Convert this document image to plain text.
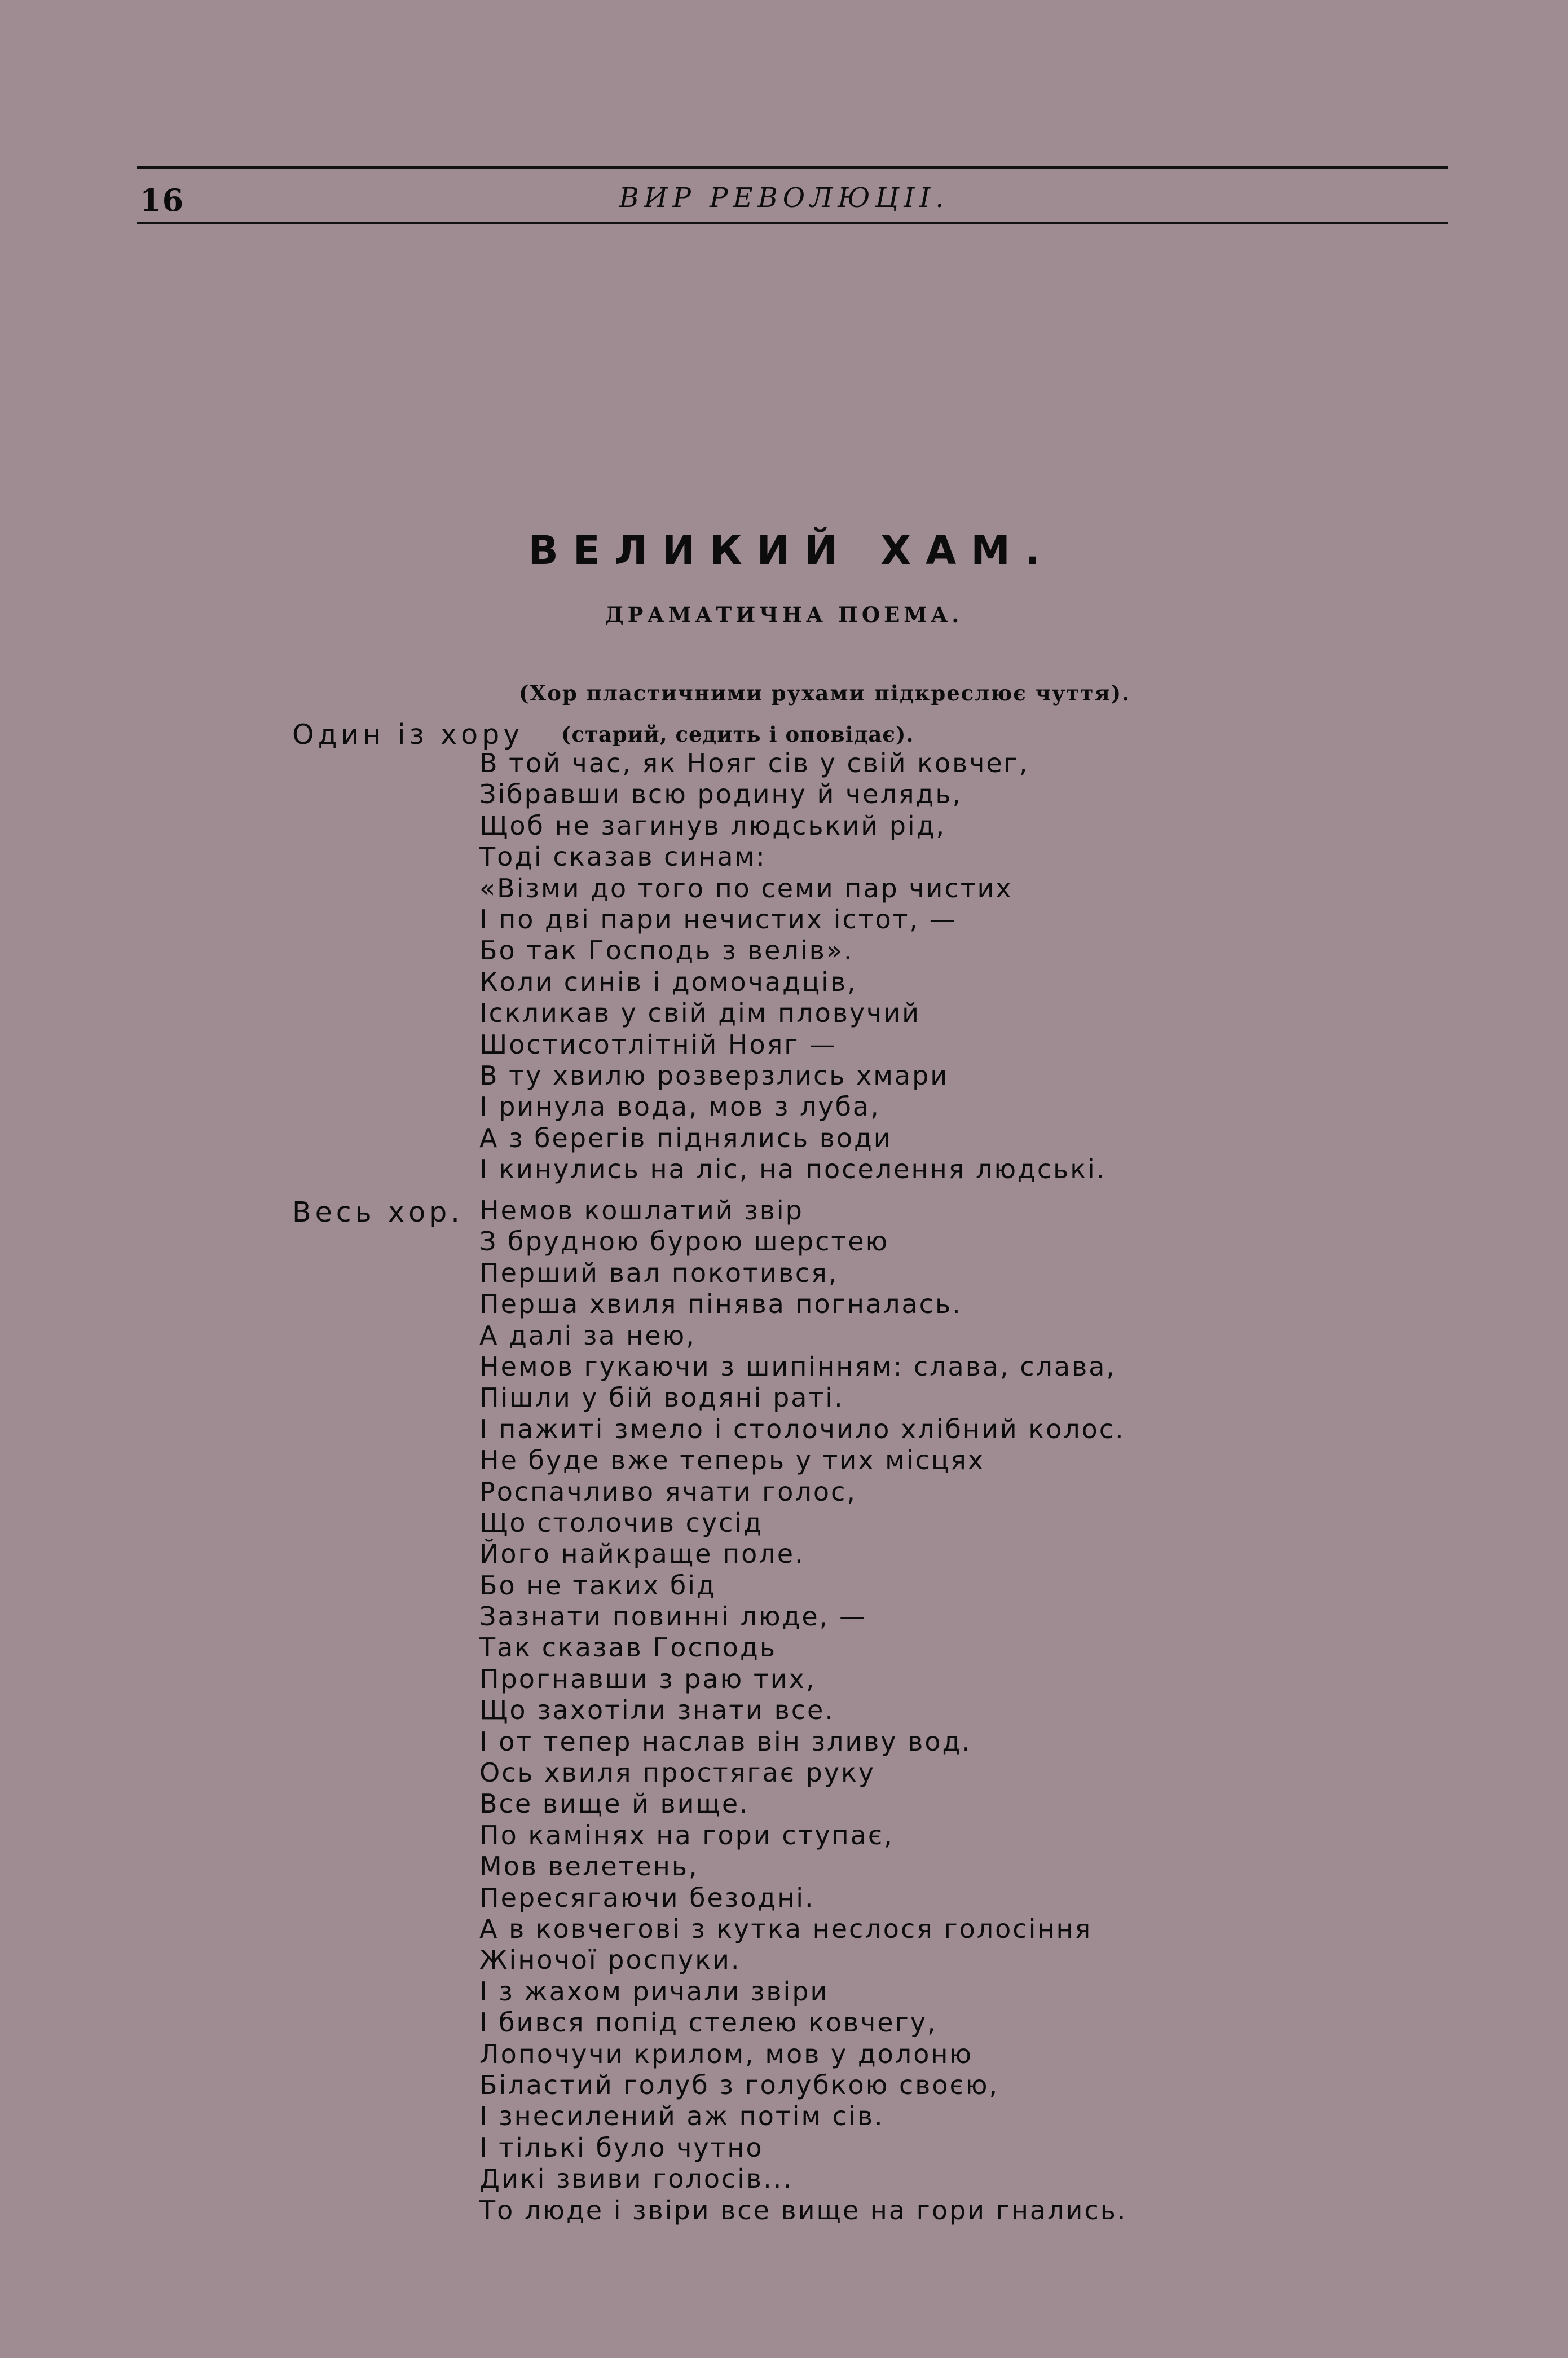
16	ВИР РЕВОЛЮЦІІ.
ВЕЛИКИЙ ХАМ.
ДРАМАТИЧНА ПОЕМА.
(Хор пластичними рухами підкреслює чуття).
Один із хору (старий, седить і оповідає).
В той час, як Нояг сів у свій ковчег,
Зібравши всю родину й челядь,
Щоб не загинув людський рід,
Тоді сказав синам:
«Візми до того по семи пар чистих
І по дві пари нечистих істот, —
Бо так Господь з велів».
Коли синів і домочадців,
Іскликав у свій дім пловучий
Шостисотлітній Нояг —
В ту хвилю розверзлись хмари
І ринула вода, мов з луба,
А з берегів піднялись води
І кинулись на ліс, на поселення людські.
Весь хор. Немов кошлатий звір
З брудною бурою шерстею
Перший вал покотився,
Перша хвиля пінява погналась.
А далі за нею,
Немов гукаючи з шипінням: слава, слава,
Пішли у бій водяні раті.
І пажиті змело і столочило хлібний колос.
Не буде вже теперь у тих місцях
Роспачливо ячати голос,
Що столочив сусід
Його найкраще поле.
Бо не таких бід
Зазнати повинні люде, —
Так сказав Господь
Прогнавши з раю тих,
Що захотіли знати все.
І от тепер наслав він зливу вод.
Ось хвиля простягає руку
Все вище й вище.
По камінях на гори ступає,
Мов велетень,
Пересягаючи безодні.
А в ковчегові з кутка неслося голосіння
Жіночої роспуки.
І з жахом ричали звіри
І бився попід стелею ковчегу,
Лопочучи крилом, мов у долоню
Біластий голуб з голубкою своєю,
І знесилений аж потім сів.
І тількі було чутно
Дикі звиви голосів...
То люде і звіри все вище на гори гнались.
